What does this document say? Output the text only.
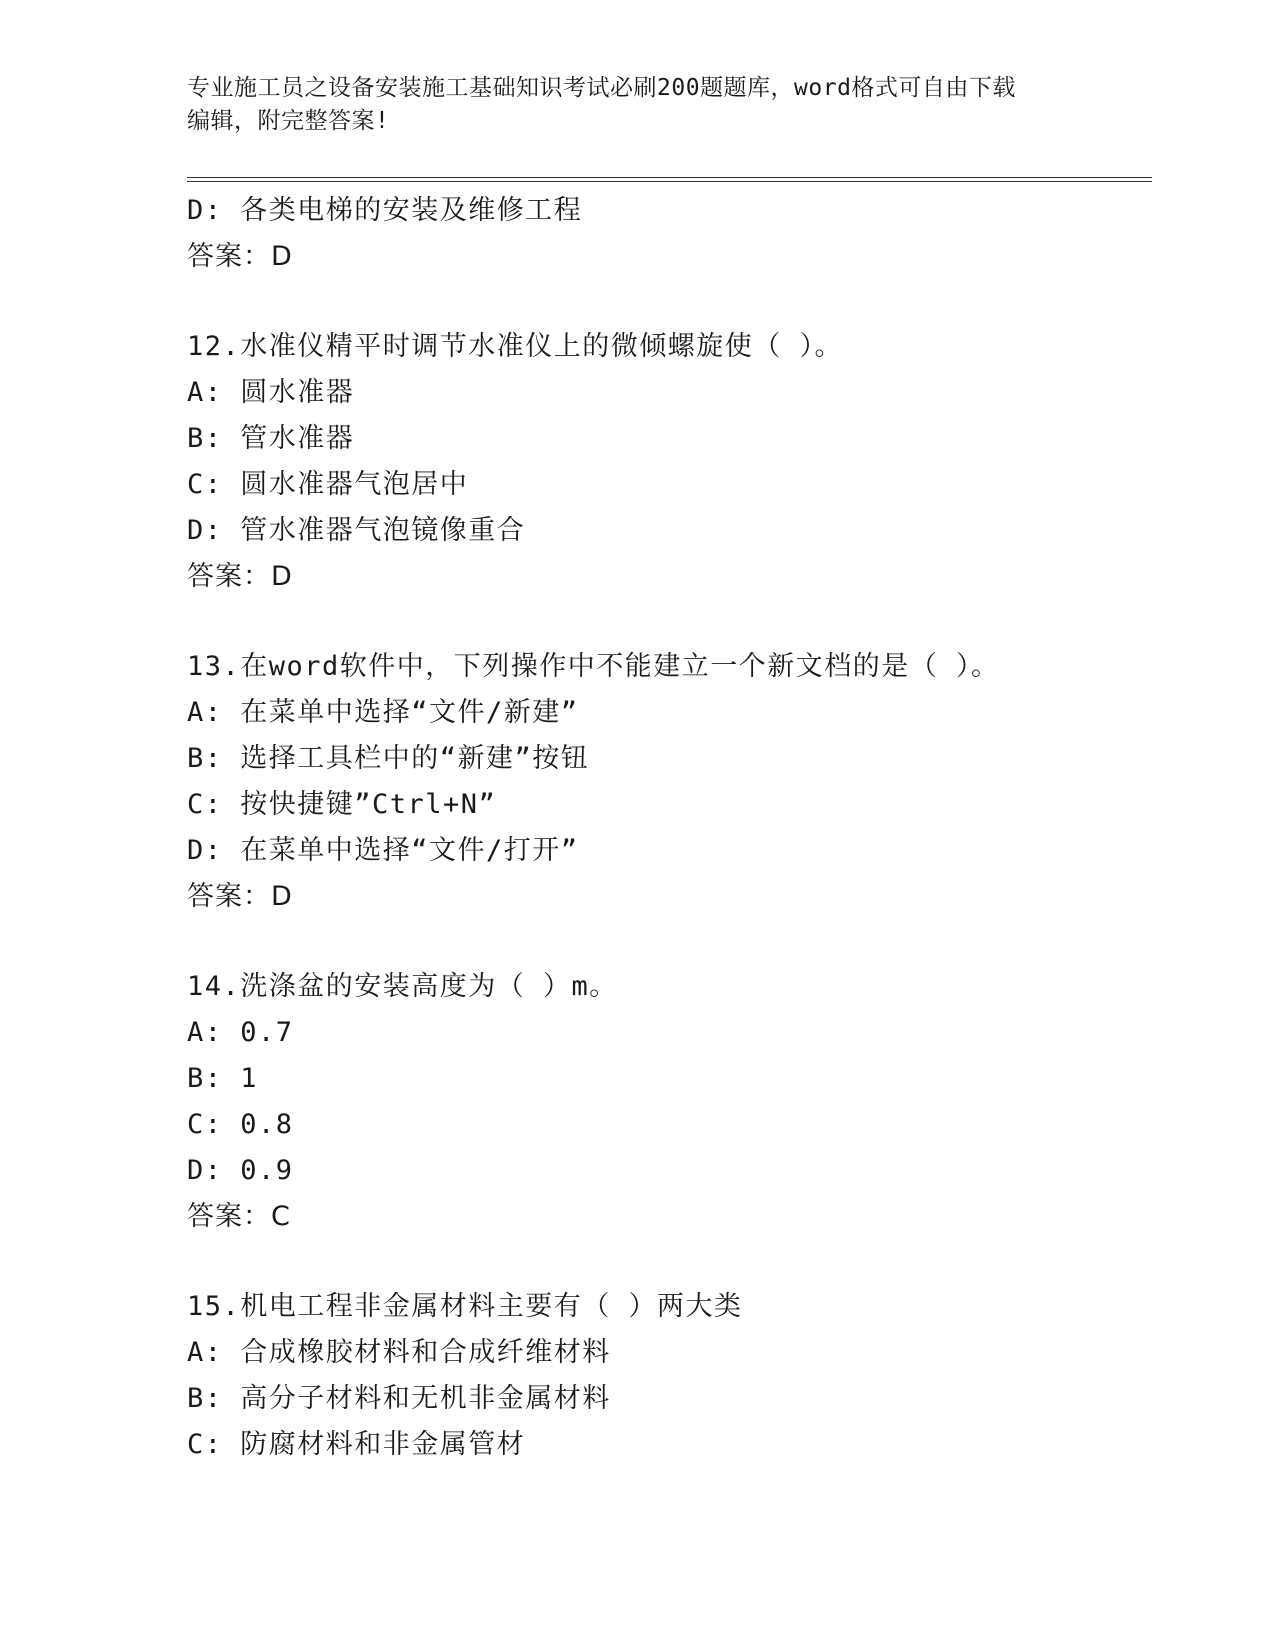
专业施工员之设备安装施工基础知识考试必刷200题题库，word格式可自由下载
编辑，附完整答案!
D: 各类电梯的安装及维修工程
答案：D
12.水准仪精平时调节水准仪上的微倾螺旋使（ ）。
A: 圆水准器
B: 管水准器
C: 圆水准器气泡居中
D: 管水准器气泡镜像重合
答案：D
13.在word软件中，下列操作中不能建立一个新文档的是（ ）。
A: 在菜单中选择“文件/新建”
B: 选择工具栏中的“新建”按钮
C: 按快捷键”Ctrl+N”
D: 在菜单中选择“文件/打开”
答案：D
14.洗涤盆的安装高度为（ ）m。
A: 0.7
B: 1
C: 0.8
D: 0.9
答案：C
15.机电工程非金属材料主要有（ ）两大类
A: 合成橡胶材料和合成纤维材料
B: 高分子材料和无机非金属材料
C: 防腐材料和非金属管材
